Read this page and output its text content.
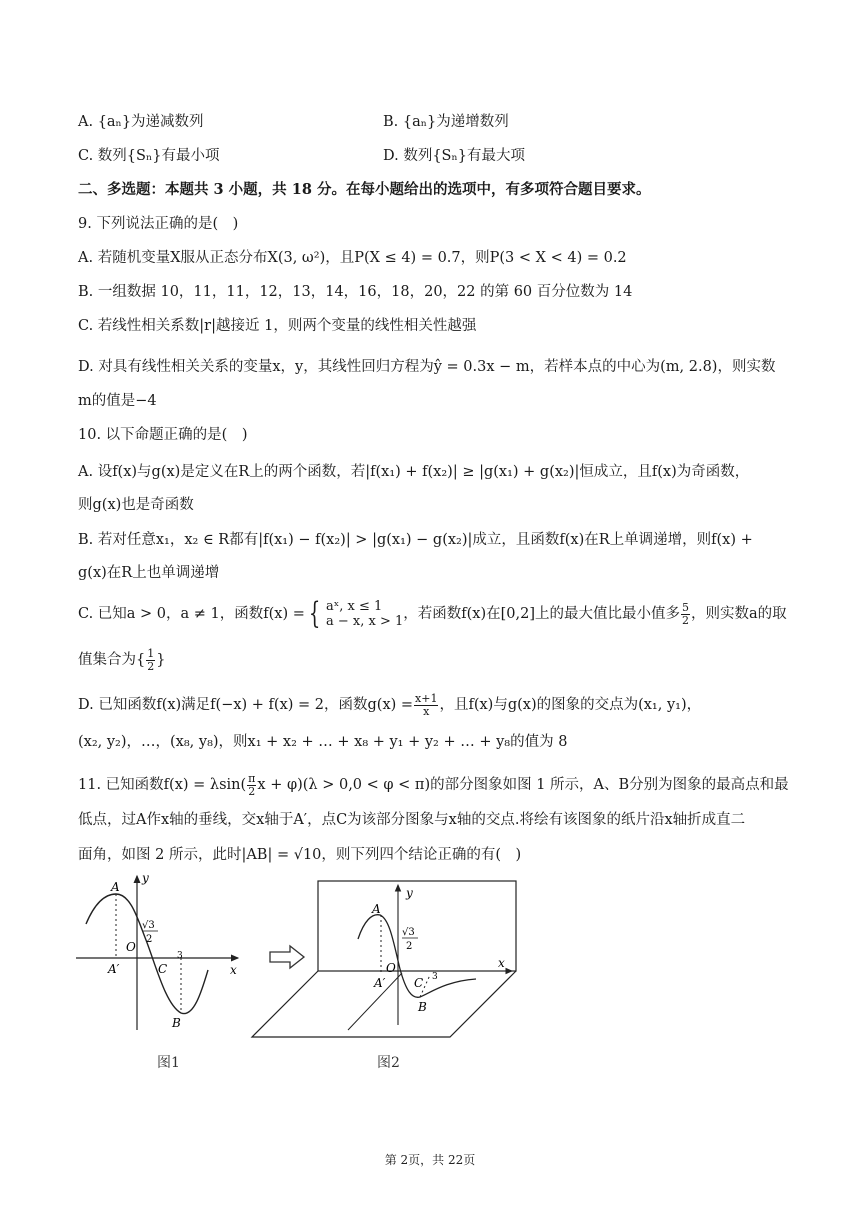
A. {aₙ}为递减数列	B. {aₙ}为递增数列
C. 数列{Sₙ}有最小项	D. 数列{Sₙ}有最大项
二、多选题：本题共 3 小题，共 18 分。在每小题给出的选项中，有多项符合题目要求。
9. 下列说法正确的是(　)
A. 若随机变量X服从正态分布X(3, ω²)，且P(X ≤ 4) = 0.7，则P(3 < X < 4) = 0.2
B. 一组数据 10，11，11，12，13，14，16，18，20，22 的第 60 百分位数为 14
C. 若线性相关系数|r|越接近 1，则两个变量的线性相关性越强
D. 对具有线性相关关系的变量x，y，其线性回归方程为ŷ = 0.3x − m，若样本点的中心为(m, 2.8)，则实数
m的值是−4
10. 以下命题正确的是(　)
A. 设f(x)与g(x)是定义在R上的两个函数，若|f(x₁) + f(x₂)| ≥ |g(x₁) + g(x₂)|恒成立，且f(x)为奇函数，
则g(x)也是奇函数
B. 若对任意x₁，x₂ ∈ R都有|f(x₁) − f(x₂)| > |g(x₁) − g(x₂)|成立，且函数f(x)在R上单调递增，则f(x) +
g(x)在R上也单调递增
C. 已知a > 0，a ≠ 1，函数f(x) = { aˣ, x ≤ 1
a − x, x > 1 ，若函数f(x)在[0,2]上的最大值比最小值多 $\frac{5}{2}$ ，则实数a的取
值集合为{ $\frac{1}{2}$ }
D. 已知函数f(x)满足f(−x) + f(x) = 2，函数$g(x) = \frac{x+1}{x}$ ，且f(x)与g(x)的图象的交点为(x₁, y₁)，
(x₂, y₂)，…，(x₈, y₈)，则x₁ + x₂ + … + x₈ + y₁ + y₂ + … + y₈的值为 8
11. 已知函数$f(x) = \lambda\sin( \frac{\pi}{2}$ x + φ)(λ > 0,0 < φ < π)的部分图象如图 1 所示，A、B分别为图象的最高点和最
低点，过A作x轴的垂线，交x轴于A′，点C为该部分图象与x轴的交点.将绘有该图象的纸片沿x轴折成直二
面角，如图 2 所示，此时|AB| = √10，则下列四个结论正确的有(　)
y
x
A
O
C
B
A′
3
√3
2
图1
y
x
A
O
C
B
A′	3
√3
2
图2
第 2页，共 22页
